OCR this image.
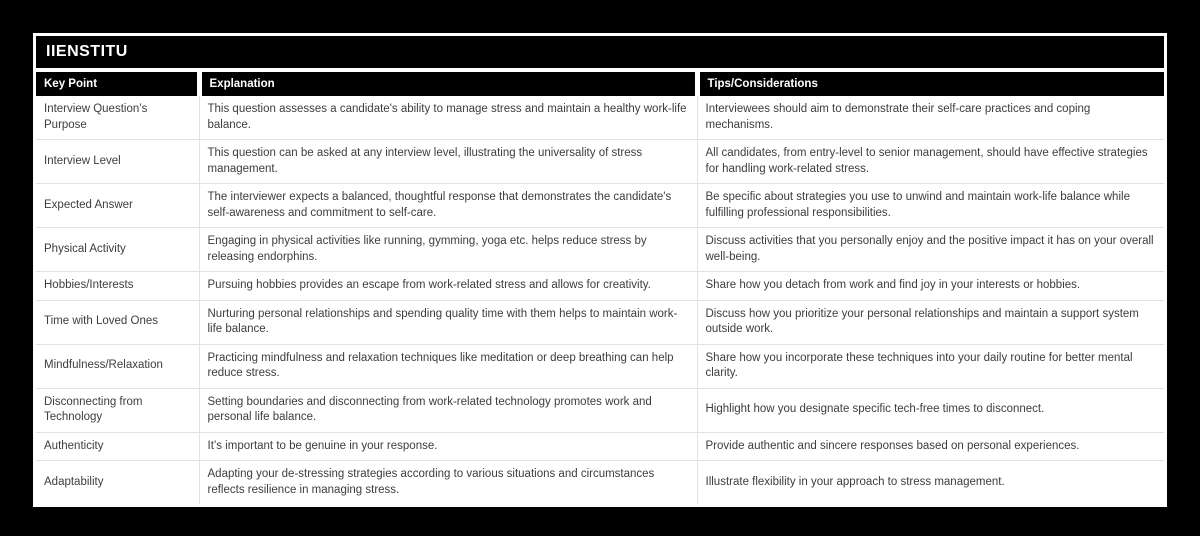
IIENSTITU
Key Point	Explanation	Tips/Considerations
Interview Question’s Purpose	This question assesses a candidate's ability to manage stress and maintain a healthy work-life balance.	Interviewees should aim to demonstrate their self-care practices and coping mechanisms.
Interview Level	This question can be asked at any interview level, illustrating the universality of stress management.	All candidates, from entry-level to senior management, should have effective strategies for handling work-related stress.
Expected Answer	The interviewer expects a balanced, thoughtful response that demonstrates the candidate's self-awareness and commitment to self-care.	Be specific about strategies you use to unwind and maintain work-life balance while fulfilling professional responsibilities.
Physical Activity	Engaging in physical activities like running, gymming, yoga etc. helps reduce stress by releasing endorphins.	Discuss activities that you personally enjoy and the positive impact it has on your overall well-being.
Hobbies/Interests	Pursuing hobbies provides an escape from work-related stress and allows for creativity.	Share how you detach from work and find joy in your interests or hobbies.
Time with Loved Ones	Nurturing personal relationships and spending quality time with them helps to maintain work-life balance.	Discuss how you prioritize your personal relationships and maintain a support system outside work.
Mindfulness/Relaxation	Practicing mindfulness and relaxation techniques like meditation or deep breathing can help reduce stress.	Share how you incorporate these techniques into your daily routine for better mental clarity.
Disconnecting from Technology	Setting boundaries and disconnecting from work-related technology promotes work and personal life balance.	Highlight how you designate specific tech-free times to disconnect.
Authenticity	It’s important to be genuine in your response.	Provide authentic and sincere responses based on personal experiences.
Adaptability	Adapting your de-stressing strategies according to various situations and circumstances reflects resilience in managing stress.	Illustrate flexibility in your approach to stress management.
